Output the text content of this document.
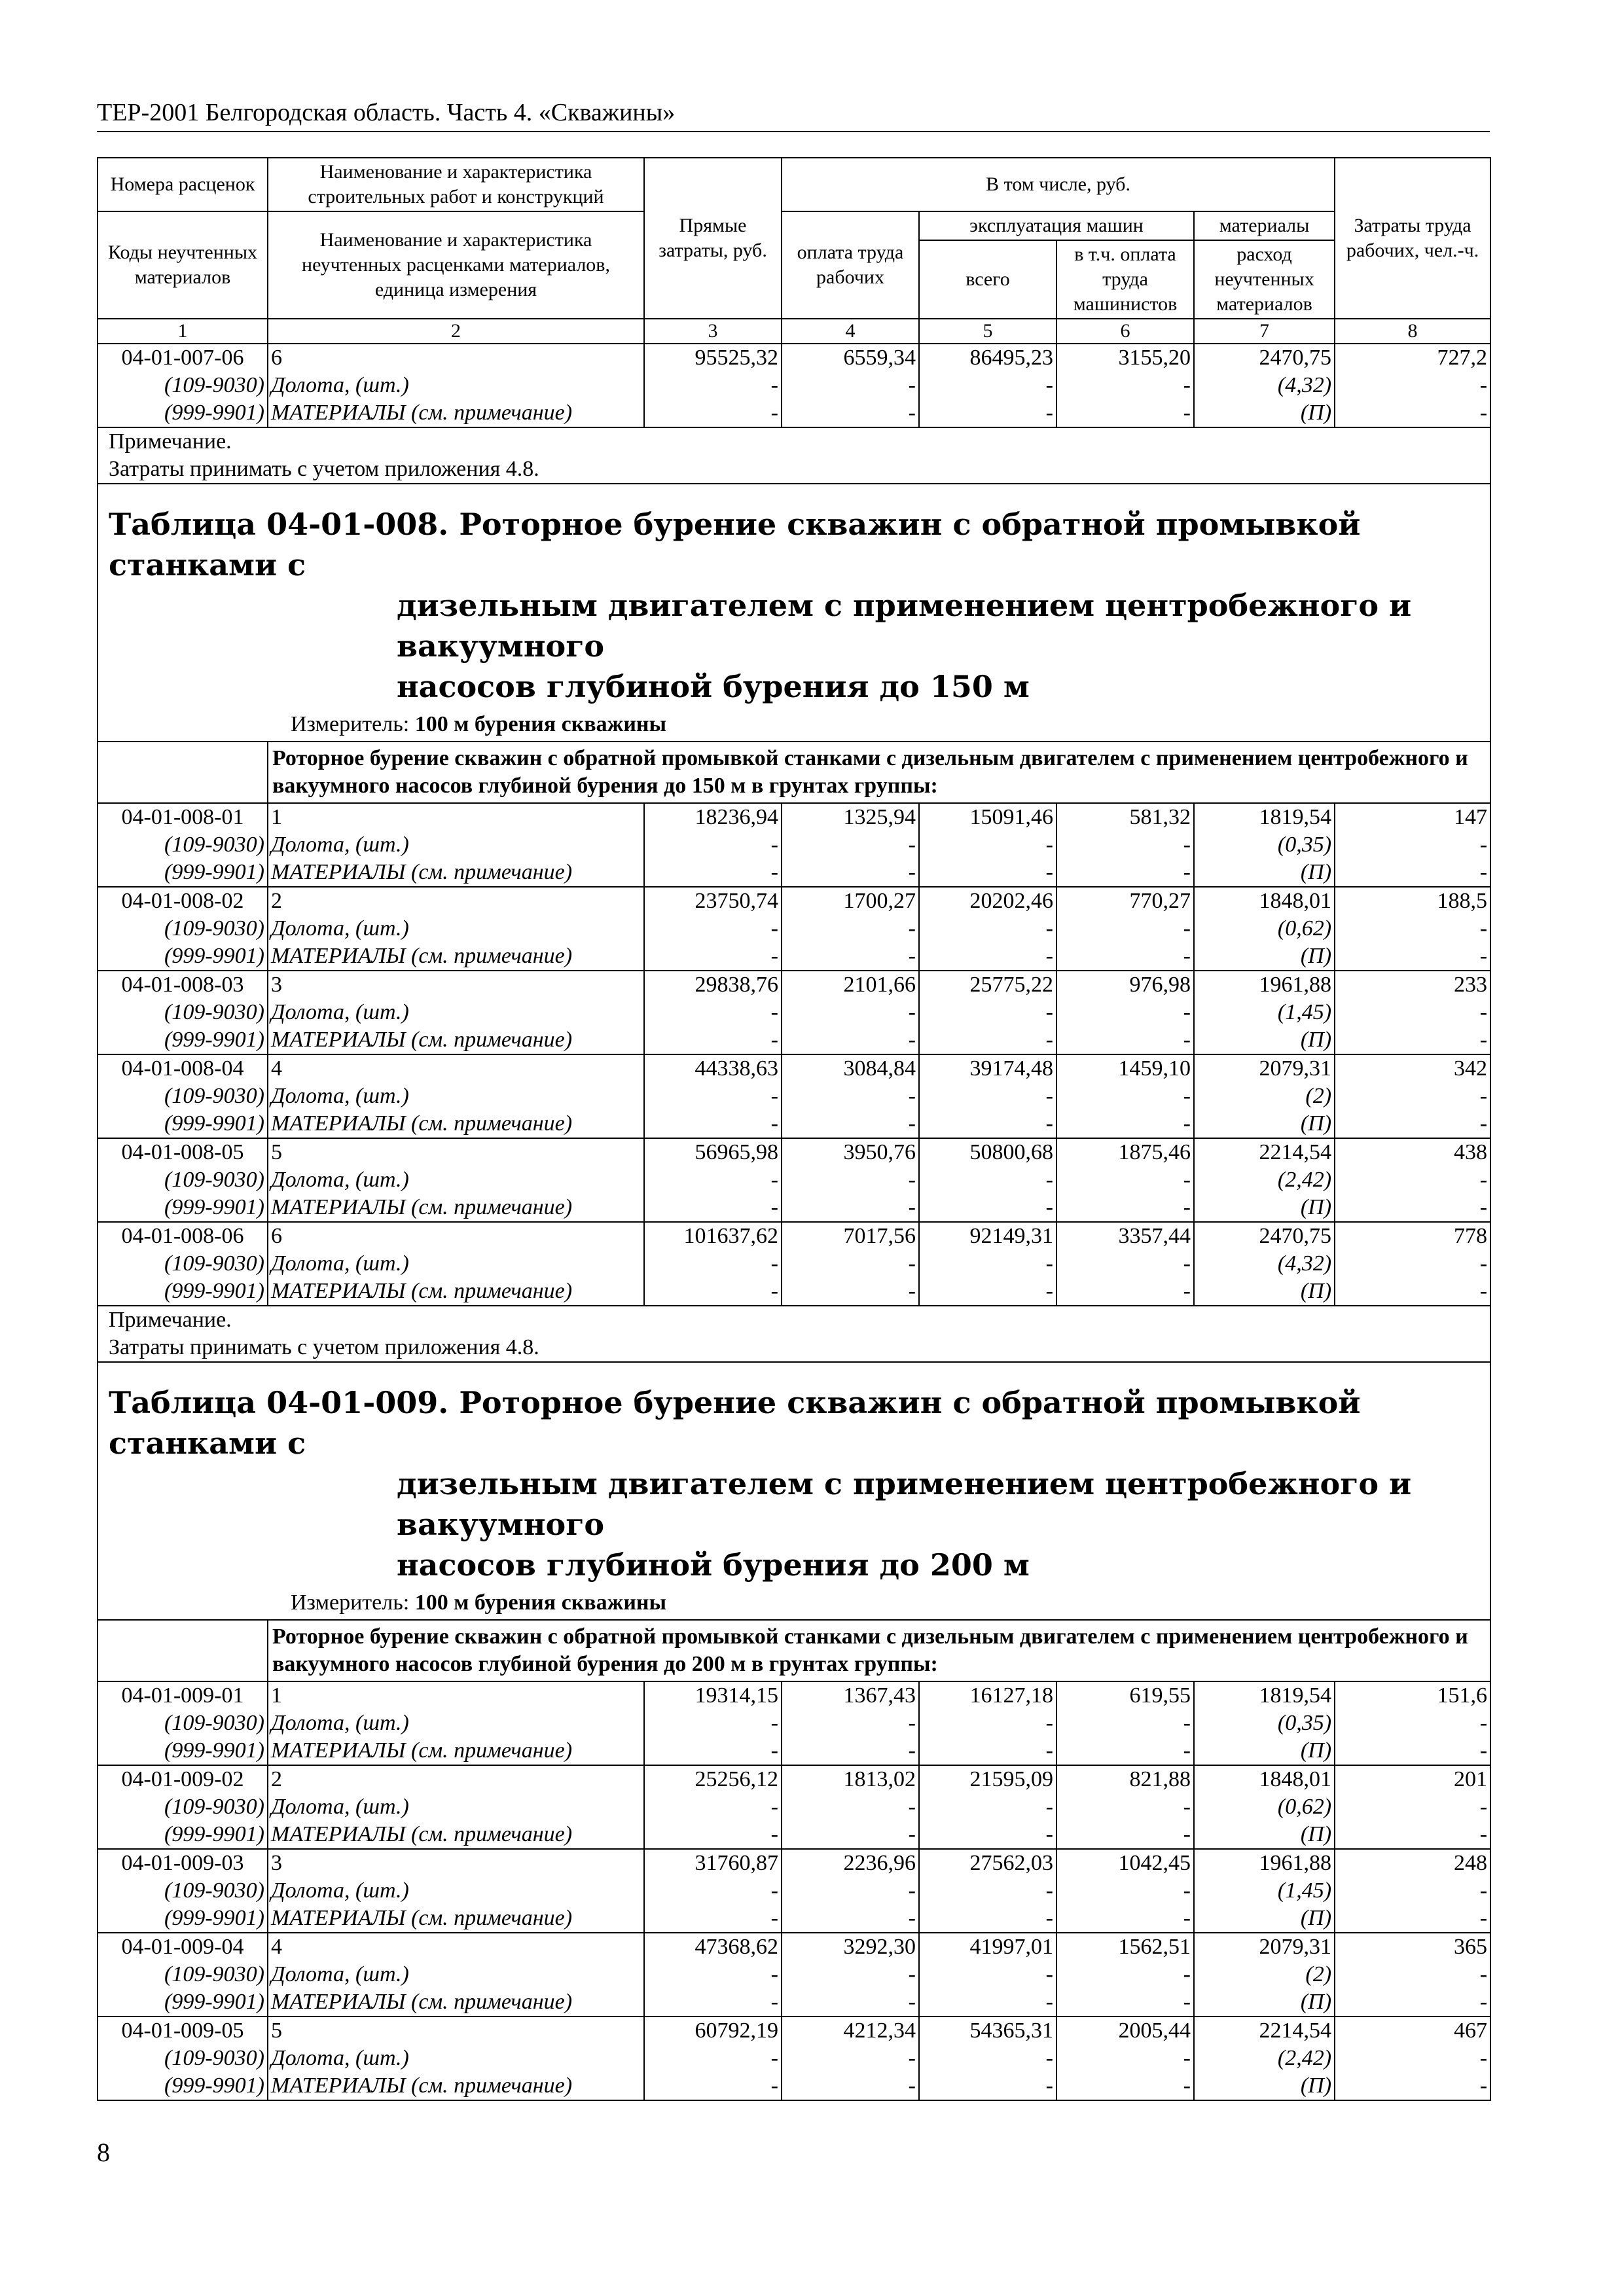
ТЕР-2001 Белгородская область. Часть 4. «Скважины»
Номера расценок	Наименование и характеристика строительных работ и конструкций	Прямые затраты, руб.	В том числе, руб.				Затраты труда рабочих, чел.-ч.
Коды неучтенных материалов	Наименование и характеристика неучтенных расценками материалов, единица измерения		оплата труда рабочих	эксплуатация машин		материалы	
				всего	в т.ч. оплата труда машинистов	расход неучтенных материалов	
1	2	3	4	5	6	7	8
04-01-007-06	6	95525,32	6559,34	86495,23	3155,20	2470,75	727,2
(109-9030)	Долота, (шт.)	-	-	-	-	(4,32)	-
(999-9901)	МАТЕРИАЛЫ (см. примечание)	-	-	-	-	(П)	-

Примечание.
Затраты принимать с учетом приложения 4.8.							

Таблица 04-01-008. Роторное бурение скважин с обратной промывкой станками с
дизельным двигателем с применением центробежного и вакуумного
насосов глубиной бурения до 150 м
Измеритель: 100 м бурения скважины							

	Роторное бурение скважин с обратной промывкой станками с дизельным двигателем с применением центробежного и вакуумного насосов глубиной бурения до 150 м в грунтах группы:						
04-01-008-01	1	18236,94	1325,94	15091,46	581,32	1819,54	147
(109-9030)	Долота, (шт.)	-	-	-	-	(0,35)	-
(999-9901)	МАТЕРИАЛЫ (см. примечание)	-	-	-	-	(П)	-
04-01-008-02	2	23750,74	1700,27	20202,46	770,27	1848,01	188,5
(109-9030)	Долота, (шт.)	-	-	-	-	(0,62)	-
(999-9901)	МАТЕРИАЛЫ (см. примечание)	-	-	-	-	(П)	-
04-01-008-03	3	29838,76	2101,66	25775,22	976,98	1961,88	233
(109-9030)	Долота, (шт.)	-	-	-	-	(1,45)	-
(999-9901)	МАТЕРИАЛЫ (см. примечание)	-	-	-	-	(П)	-
04-01-008-04	4	44338,63	3084,84	39174,48	1459,10	2079,31	342
(109-9030)	Долота, (шт.)	-	-	-	-	(2)	-
(999-9901)	МАТЕРИАЛЫ (см. примечание)	-	-	-	-	(П)	-
04-01-008-05	5	56965,98	3950,76	50800,68	1875,46	2214,54	438
(109-9030)	Долота, (шт.)	-	-	-	-	(2,42)	-
(999-9901)	МАТЕРИАЛЫ (см. примечание)	-	-	-	-	(П)	-
04-01-008-06	6	101637,62	7017,56	92149,31	3357,44	2470,75	778
(109-9030)	Долота, (шт.)	-	-	-	-	(4,32)	-
(999-9901)	МАТЕРИАЛЫ (см. примечание)	-	-	-	-	(П)	-

Примечание.
Затраты принимать с учетом приложения 4.8.							

Таблица 04-01-009. Роторное бурение скважин с обратной промывкой станками с
дизельным двигателем с применением центробежного и вакуумного
насосов глубиной бурения до 200 м
Измеритель: 100 м бурения скважины							

	Роторное бурение скважин с обратной промывкой станками с дизельным двигателем с применением центробежного и вакуумного насосов глубиной бурения до 200 м в грунтах группы:						
04-01-009-01	1	19314,15	1367,43	16127,18	619,55	1819,54	151,6
(109-9030)	Долота, (шт.)	-	-	-	-	(0,35)	-
(999-9901)	МАТЕРИАЛЫ (см. примечание)	-	-	-	-	(П)	-
04-01-009-02	2	25256,12	1813,02	21595,09	821,88	1848,01	201
(109-9030)	Долота, (шт.)	-	-	-	-	(0,62)	-
(999-9901)	МАТЕРИАЛЫ (см. примечание)	-	-	-	-	(П)	-
04-01-009-03	3	31760,87	2236,96	27562,03	1042,45	1961,88	248
(109-9030)	Долота, (шт.)	-	-	-	-	(1,45)	-
(999-9901)	МАТЕРИАЛЫ (см. примечание)	-	-	-	-	(П)	-
04-01-009-04	4	47368,62	3292,30	41997,01	1562,51	2079,31	365
(109-9030)	Долота, (шт.)	-	-	-	-	(2)	-
(999-9901)	МАТЕРИАЛЫ (см. примечание)	-	-	-	-	(П)	-
04-01-009-05	5	60792,19	4212,34	54365,31	2005,44	2214,54	467
(109-9030)	Долота, (шт.)	-	-	-	-	(2,42)	-
(999-9901)	МАТЕРИАЛЫ (см. примечание)	-	-	-	-	(П)	-
8
